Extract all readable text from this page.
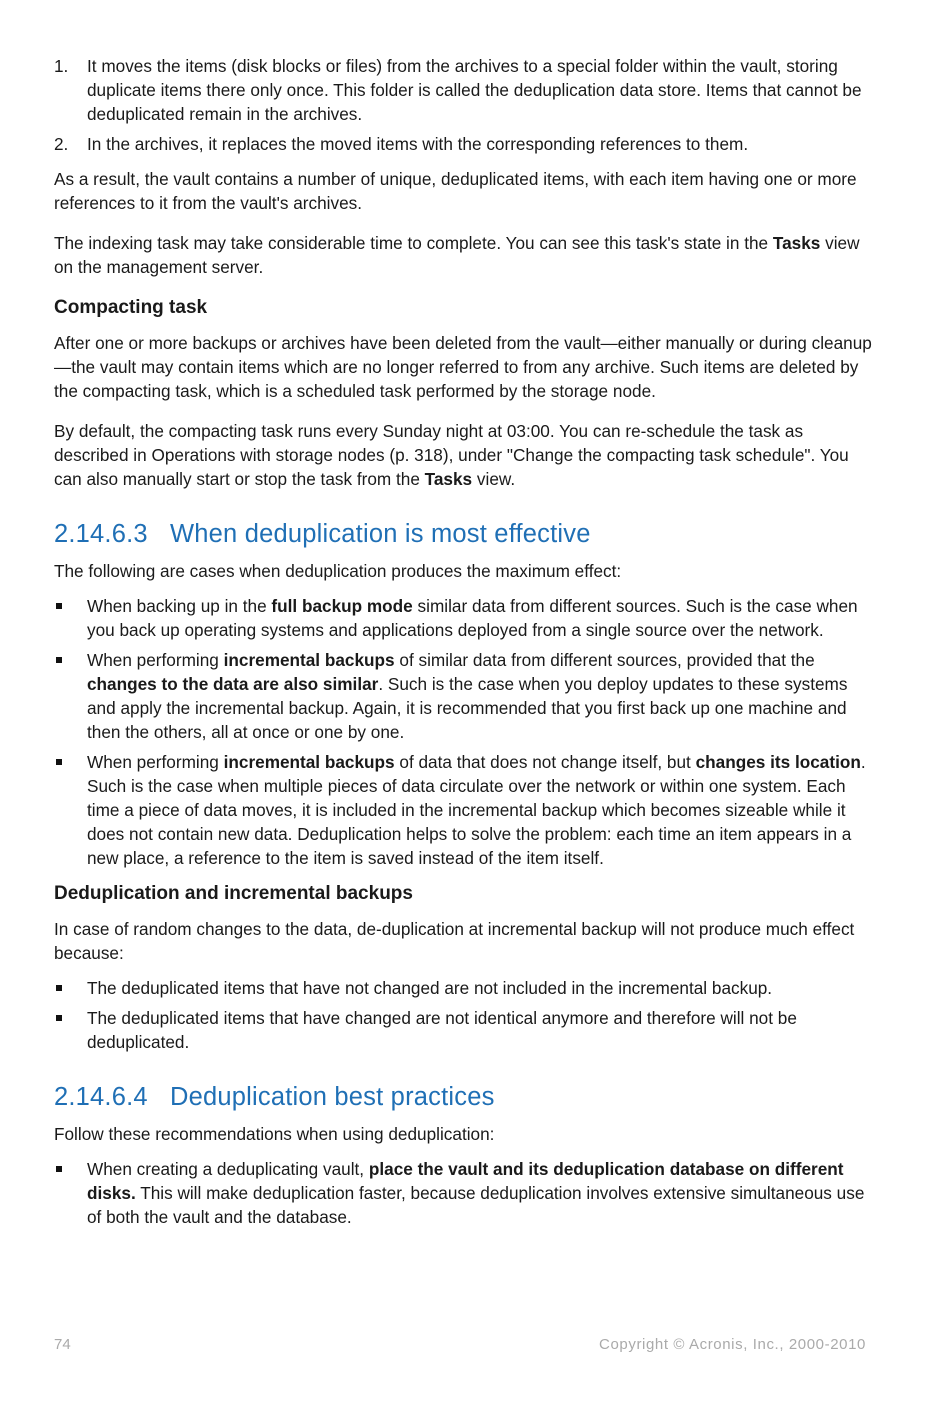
1. It moves the items (disk blocks or files) from the archives to a special folder within the vault, storing duplicate items there only once. This folder is called the deduplication data store. Items that cannot be deduplicated remain in the archives.
2. In the archives, it replaces the moved items with the corresponding references to them.

As a result, the vault contains a number of unique, deduplicated items, with each item having one or more references to it from the vault's archives.

The indexing task may take considerable time to complete. You can see this task's state in the Tasks view on the management server.

Compacting task

After one or more backups or archives have been deleted from the vault—either manually or during cleanup—the vault may contain items which are no longer referred to from any archive. Such items are deleted by the compacting task, which is a scheduled task performed by the storage node.

By default, the compacting task runs every Sunday night at 03:00. You can re-schedule the task as described in Operations with storage nodes (p. 318), under "Change the compacting task schedule". You can also manually start or stop the task from the Tasks view.

2.14.6.3 When deduplication is most effective

The following are cases when deduplication produces the maximum effect:

When backing up in the full backup mode similar data from different sources. Such is the case when you back up operating systems and applications deployed from a single source over the network.
When performing incremental backups of similar data from different sources, provided that the changes to the data are also similar. Such is the case when you deploy updates to these systems and apply the incremental backup. Again, it is recommended that you first back up one machine and then the others, all at once or one by one.
When performing incremental backups of data that does not change itself, but changes its location. Such is the case when multiple pieces of data circulate over the network or within one system. Each time a piece of data moves, it is included in the incremental backup which becomes sizeable while it does not contain new data. Deduplication helps to solve the problem: each time an item appears in a new place, a reference to the item is saved instead of the item itself.
Deduplication and incremental backups

In case of random changes to the data, de-duplication at incremental backup will not produce much effect because:

The deduplicated items that have not changed are not included in the incremental backup.
The deduplicated items that have changed are not identical anymore and therefore will not be deduplicated.
2.14.6.4 Deduplication best practices

Follow these recommendations when using deduplication:

When creating a deduplicating vault, place the vault and its deduplication database on different disks. This will make deduplication faster, because deduplication involves extensive simultaneous use of both the vault and the database.
74	Copyright © Acronis, Inc., 2000-2010
